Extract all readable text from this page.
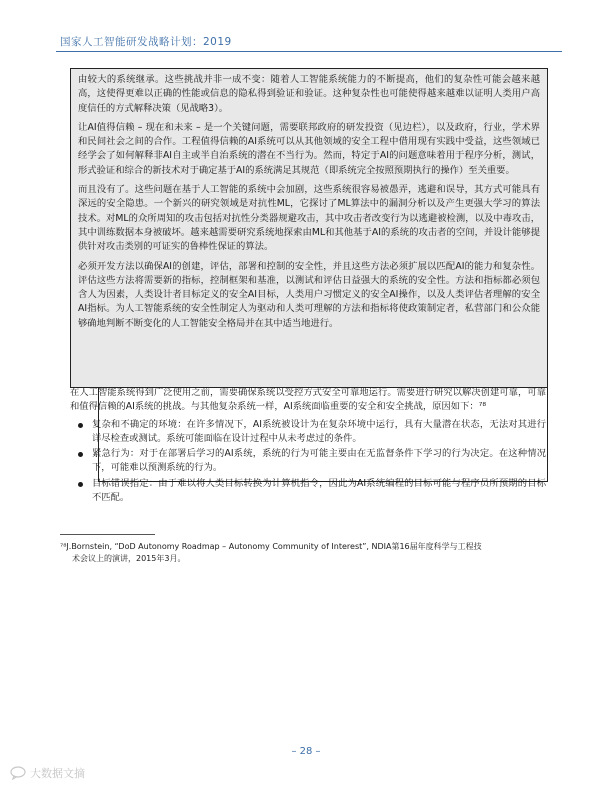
国家人工智能研发战略计划：2019

由较大的系统继承。这些挑战并非一成不变：随着人工智能系统能力的不断提高，他们的复杂性可能会越来越高，这使得更难以正确的性能或信息的隐私得到验证和验证。这种复杂性也可能使得越来越难以证明人类用户高度信任的方式解释决策（见战略3）。

让AI值得信赖 – 现在和未来 – 是一个关键问题，需要联邦政府的研发投资（见边栏），以及政府，行业，学术界和民间社会之间的合作。工程值得信赖的AI系统可以从其他领域的安全工程中借用现有实践中受益，这些领域已经学会了如何解释非AI自主或半自治系统的潜在不当行为。然而，特定于AI的问题意味着用于程序分析，测试，形式验证和综合的新技术对于确定基于AI的系统满足其规范（即系统完全按照预期执行的操作）至关重要。

而且没有了。这些问题在基于人工智能的系统中会加剧，这些系统很容易被愚弄，逃避和误导，其方式可能具有深远的安全隐患。一个新兴的研究领域是对抗性ML，它探讨了ML算法中的漏洞分析以及产生更强大学习的算法技术。对ML的众所周知的攻击包括对抗性分类器规避攻击，其中攻击者改变行为以逃避被检测，以及中毒攻击，其中训练数据本身被破坏。越来越需要研究系统地探索由ML和其他基于AI的系统的攻击者的空间，并设计能够提供针对攻击类别的可证实的鲁棒性保证的算法。

必须开发方法以确保AI的创建，评估，部署和控制的安全性，并且这些方法必须扩展以匹配AI的能力和复杂性。评估这些方法将需要新的指标，控制框架和基准，以测试和评估日益强大的系统的安全性。方法和指标都必须包含人为因素，人类设计者目标定义的安全AI目标，人类用户习惯定义的安全AI操作，以及人类评估者理解的安全AI指标。为人工智能系统的安全性制定人为驱动和人类可理解的方法和指标将使政策制定者，私营部门和公众能够确地判断不断变化的人工智能安全格局并在其中适当地进行。

在人工智能系统得到广泛使用之前，需要确保系统以受控方式安全可靠地运行。需要进行研究以解决创建可靠，可靠和值得信赖的AI系统的挑战。与其他复杂系统一样，AI系统面临重要的安全和安全挑战，原因如下：⁷⁸

复杂和不确定的环境：在许多情况下，AI系统被设计为在复杂环境中运行，具有大量潜在状态，无法对其进行详尽检查或测试。系统可能面临在设计过程中从未考虑过的条件。
紧急行为：对于在部署后学习的AI系统，系统的行为可能主要由在无监督条件下学习的行为决定。在这种情况下，可能难以预测系统的行为。
目标错误指定：由于难以将人类目标转换为计算机指令，因此为AI系统编程的目标可能与程序员所预期的目标不匹配。
⁷⁸J.Bornstein, “DoD Autonomy Roadmap – Autonomy Community of Interest”, NDIA第16届年度科学与工程技
术会议上的演讲，2015年3月。
– 28 –
大数据文摘
